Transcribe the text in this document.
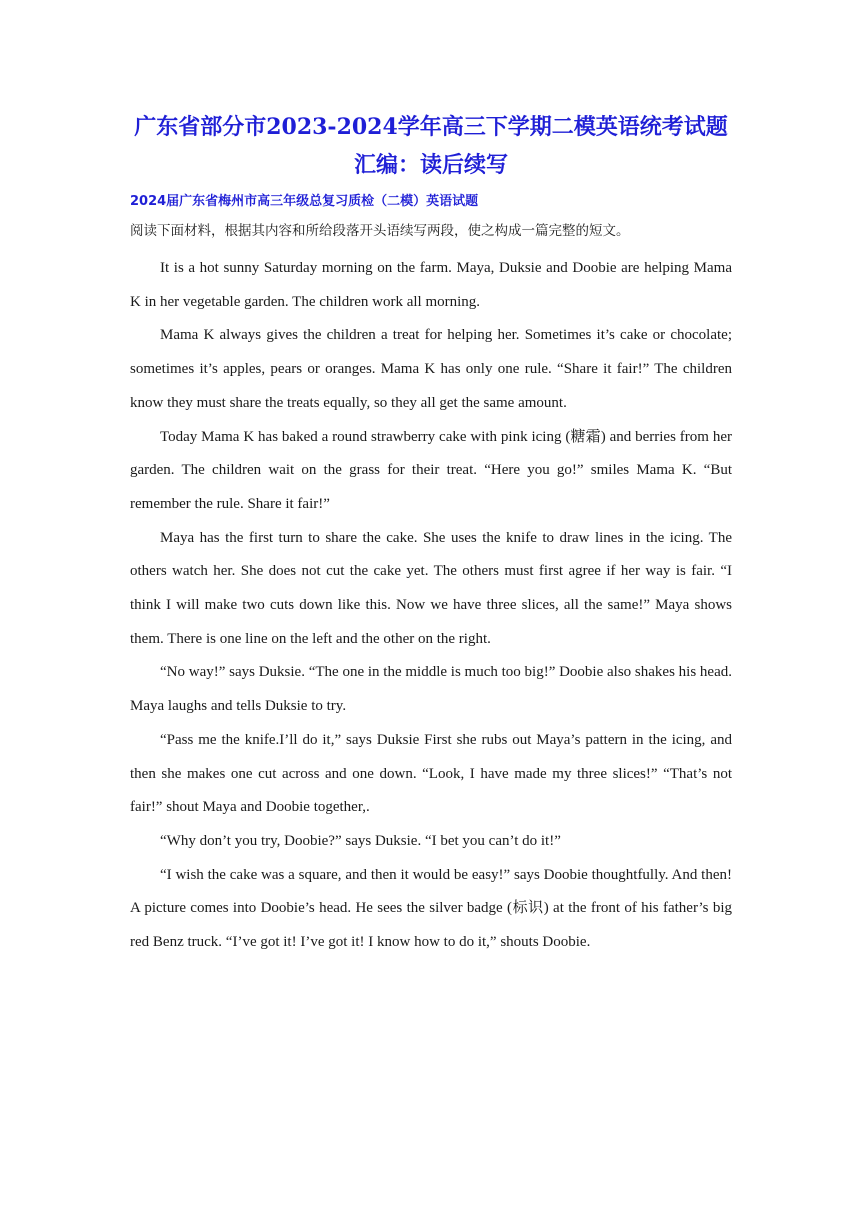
广东省部分市2023-2024学年高三下学期二模英语统考试题
汇编：读后续写
2024届广东省梅州市高三年级总复习质检（二模）英语试题
阅读下面材料，根据其内容和所给段落开头语续写两段，使之构成一篇完整的短文。

It is a hot sunny Saturday morning on the farm. Maya, Duksie and Doobie are helping Mama K in her vegetable garden. The children work all morning.

Mama K always gives the children a treat for helping her. Sometimes it’s cake or chocolate; sometimes it’s apples, pears or oranges. Mama K has only one rule. “Share it fair!” The children know they must share the treats equally, so they all get the same amount.

Today Mama K has baked a round strawberry cake with pink icing (糖霜) and berries from her garden. The children wait on the grass for their treat. “Here you go!” smiles Mama K. “But remember the rule. Share it fair!”

Maya has the first turn to share the cake. She uses the knife to draw lines in the icing. The others watch her. She does not cut the cake yet. The others must first agree if her way is fair. “I think I will make two cuts down like this. Now we have three slices, all the same!” Maya shows them. There is one line on the left and the other on the right.

“No way!” says Duksie. “The one in the middle is much too big!” Doobie also shakes his head. Maya laughs and tells Duksie to try.

“Pass me the knife.I’ll do it,” says Duksie First she rubs out Maya’s pattern in the icing, and then she makes one cut across and one down. “Look, I have made my three slices!” “That’s not fair!” shout Maya and Doobie together,.

“Why don’t you try, Doobie?” says Duksie. “I bet you can’t do it!”

“I wish the cake was a square, and then it would be easy!” says Doobie thoughtfully. And then! A picture comes into Doobie’s head. He sees the silver badge (标识) at the front of his father’s big red Benz truck. “I’ve got it! I’ve got it! I know how to do it,” shouts Doobie.
